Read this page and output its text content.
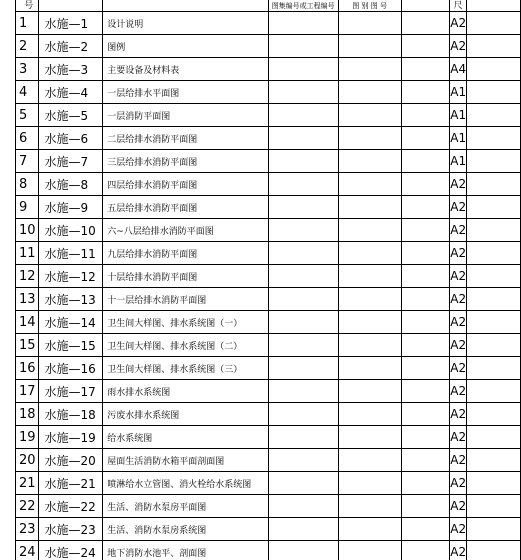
号			图集编号或工程编号	图 别 图 号		尺	
1	水施—1	设计说明				A2	
2	水施—2	图例				A2	
3	水施—3	主要设备及材料表				A4	
4	水施—4	一层给排水平面图				A1	
5	水施—5	一层消防平面图				A1	
6	水施—6	二层给排水消防平面图				A1	
7	水施—7	三层给排水消防平面图				A1	
8	水施—8	四层给排水消防平面图				A2	
9	水施—9	五层给排水消防平面图				A2	
10	水施—10	六~八层给排水消防平面图				A2	
11	水施—11	九层给排水消防平面图				A2	
12	水施—12	十层给排水消防平面图				A2	
13	水施—13	十一层给排水消防平面图				A2	
14	水施—14	卫生间大样图、排水系统图（一）				A2	
15	水施—15	卫生间大样图、排水系统图（二）				A2	
16	水施—16	卫生间大样图、排水系统图（三）				A2	
17	水施—17	雨水排水系统图				A2	
18	水施—18	污废水排水系统图				A2	
19	水施—19	给水系统图				A2	
20	水施—20	屋面生活消防水箱平面剖面图				A2	
21	水施—21	喷淋给水立管图、消火栓给水系统图				A2	
22	水施—22	生活、消防水泵房平面图				A2	
23	水施—23	生活、消防水泵房系统图				A2	
24	水施—24	地下消防水池平、剖面图				A2	
